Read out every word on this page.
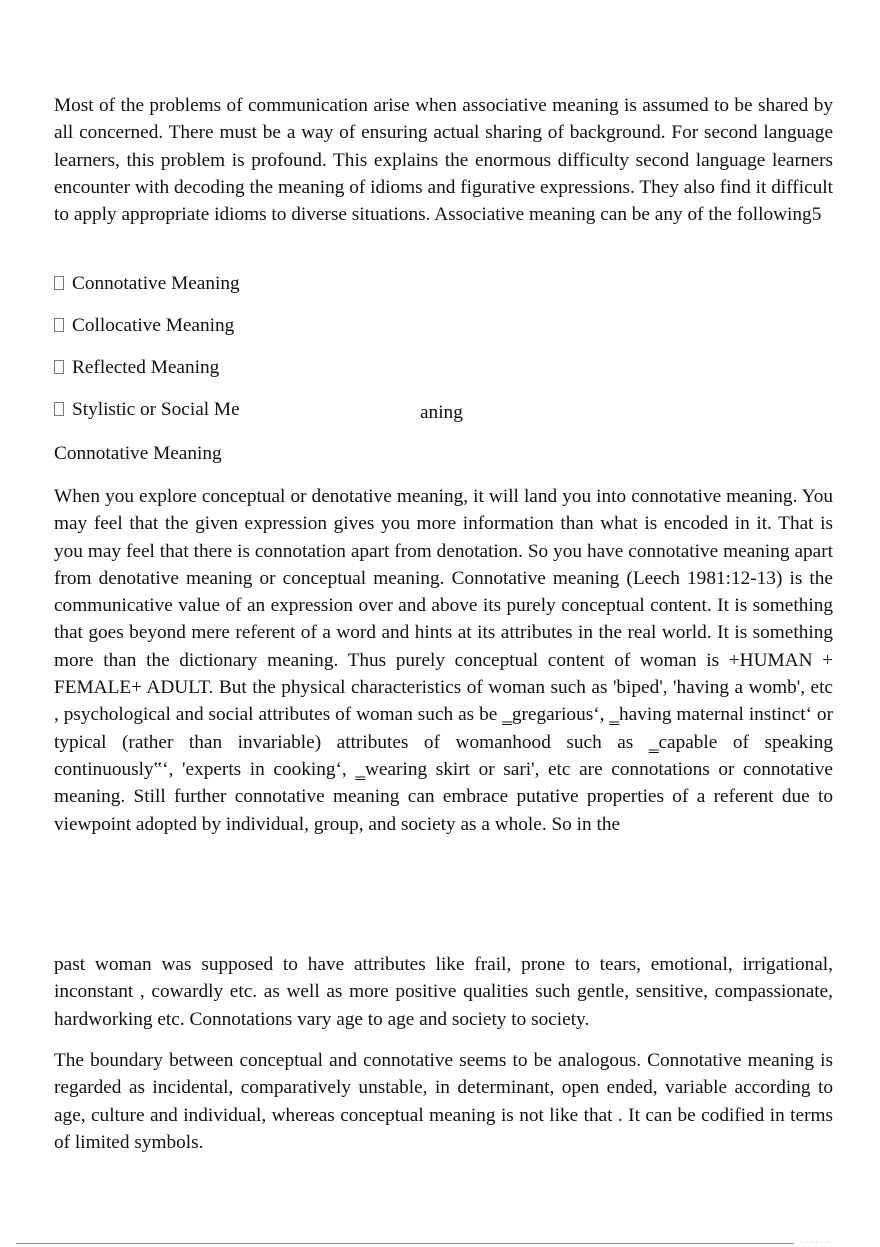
Most of the problems of communication arise when associative meaning is assumed to be shared by all concerned. There must be a way of ensuring actual sharing of background. For second language learners, this problem is profound. This explains the enormous difficulty second language learners encounter with decoding the meaning of idioms and figurative expressions. They also find it difficult to apply appropriate idioms to diverse situations. Associative meaning can be any of the following5

Connotative Meaning
Collocative Meaning
Reflected Meaning
Stylistic or Social Me	aning

Connotative Meaning

When you explore conceptual or denotative meaning, it will land you into connotative meaning. You may feel that the given expression gives you more information than what is encoded in it. That is you may feel that there is connotation apart from denotation. So you have connotative meaning apart from denotative meaning or conceptual meaning. Connotative meaning (Leech 1981:12-13) is the communicative value of an expression over and above its purely conceptual content. It is something that goes beyond mere referent of a word and hints at its attributes in the real world. It is something more than the dictionary meaning. Thus purely conceptual content of woman is +HUMAN + FEMALE+ ADULT. But the physical characteristics of woman such as 'biped', 'having a womb', etc , psychological and social attributes of woman such as be ‗gregarious‘, ‗having maternal instinct‘ or typical (rather than invariable) attributes of womanhood such as ‗capable of speaking continuously‟‘, 'experts in cooking‘, ‗wearing skirt or sari', etc are connotations or connotative meaning. Still further connotative meaning can embrace putative properties of a referent due to viewpoint adopted by individual, group, and society as a whole. So in the

past woman was supposed to have attributes like frail, prone to tears, emotional, irrigational, inconstant , cowardly etc. as well as more positive qualities such gentle, sensitive, compassionate, hardworking etc. Connotations vary age to age and society to society.

The boundary between conceptual and connotative seems to be analogous. Connotative meaning is regarded as incidental, comparatively unstable, in determinant, open ended, variable according to age, culture and individual, whereas conceptual meaning is not like that . It can be codified in terms of limited symbols.

· · ····· ··
